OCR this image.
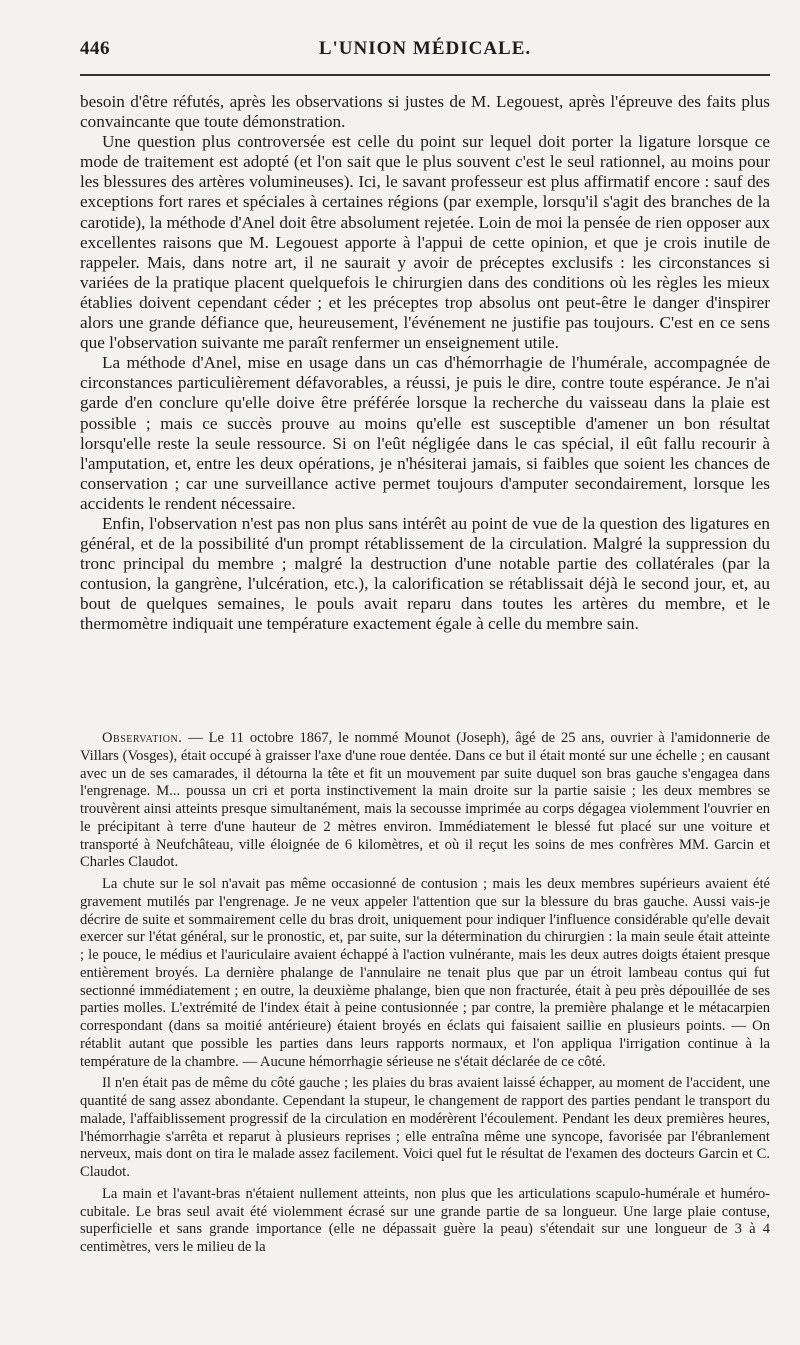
446	L'UNION MÉDICALE.

besoin d'être réfutés, après les observations si justes de M. Legouest, après l'épreuve des faits plus convaincante que toute démonstration.

Une question plus controversée est celle du point sur lequel doit porter la ligature lorsque ce mode de traitement est adopté (et l'on sait que le plus souvent c'est le seul rationnel, au moins pour les blessures des artères volumineuses). Ici, le savant professeur est plus affirmatif encore : sauf des exceptions fort rares et spéciales à certaines régions (par exemple, lorsqu'il s'agit des branches de la carotide), la méthode d'Anel doit être absolument rejetée. Loin de moi la pensée de rien opposer aux excellentes raisons que M. Legouest apporte à l'appui de cette opinion, et que je crois inutile de rappeler. Mais, dans notre art, il ne saurait y avoir de préceptes exclusifs : les circonstances si variées de la pratique placent quelquefois le chirurgien dans des conditions où les règles les mieux établies doivent cependant céder ; et les préceptes trop absolus ont peut-être le danger d'inspirer alors une grande défiance que, heureusement, l'événement ne justifie pas toujours. C'est en ce sens que l'observation suivante me paraît renfermer un enseignement utile.

La méthode d'Anel, mise en usage dans un cas d'hémorrhagie de l'humérale, accompagnée de circonstances particulièrement défavorables, a réussi, je puis le dire, contre toute espérance. Je n'ai garde d'en conclure qu'elle doive être préférée lorsque la recherche du vaisseau dans la plaie est possible ; mais ce succès prouve au moins qu'elle est susceptible d'amener un bon résultat lorsqu'elle reste la seule ressource. Si on l'eût négligée dans le cas spécial, il eût fallu recourir à l'amputation, et, entre les deux opérations, je n'hésiterai jamais, si faibles que soient les chances de conservation ; car une surveillance active permet toujours d'amputer secondairement, lorsque les accidents le rendent nécessaire.

Enfin, l'observation n'est pas non plus sans intérêt au point de vue de la question des ligatures en général, et de la possibilité d'un prompt rétablissement de la circulation. Malgré la suppression du tronc principal du membre ; malgré la destruction d'une notable partie des collatérales (par la contusion, la gangrène, l'ulcération, etc.), la calorification se rétablissait déjà le second jour, et, au bout de quelques semaines, le pouls avait reparu dans toutes les artères du membre, et le thermomètre indiquait une température exactement égale à celle du membre sain.

Observation. — Le 11 octobre 1867, le nommé Mounot (Joseph), âgé de 25 ans, ouvrier à l'amidonnerie de Villars (Vosges), était occupé à graisser l'axe d'une roue dentée. Dans ce but il était monté sur une échelle ; en causant avec un de ses camarades, il détourna la tête et fit un mouvement par suite duquel son bras gauche s'engagea dans l'engrenage. M... poussa un cri et porta instinctivement la main droite sur la partie saisie ; les deux membres se trouvèrent ainsi atteints presque simultanément, mais la secousse imprimée au corps dégagea violemment l'ouvrier en le précipitant à terre d'une hauteur de 2 mètres environ. Immédiatement le blessé fut placé sur une voiture et transporté à Neufchâteau, ville éloignée de 6 kilomètres, et où il reçut les soins de mes confrères MM. Garcin et Charles Claudot.

La chute sur le sol n'avait pas même occasionné de contusion ; mais les deux membres supérieurs avaient été gravement mutilés par l'engrenage. Je ne veux appeler l'attention que sur la blessure du bras gauche. Aussi vais-je décrire de suite et sommairement celle du bras droit, uniquement pour indiquer l'influence considérable qu'elle devait exercer sur l'état général, sur le pronostic, et, par suite, sur la détermination du chirurgien : la main seule était atteinte ; le pouce, le médius et l'auriculaire avaient échappé à l'action vulnérante, mais les deux autres doigts étaient presque entièrement broyés. La dernière phalange de l'annulaire ne tenait plus que par un étroit lambeau contus qui fut sectionné immédiatement ; en outre, la deuxième phalange, bien que non fracturée, était à peu près dépouillée de ses parties molles. L'extrémité de l'index était à peine contusionnée ; par contre, la première phalange et le métacarpien correspondant (dans sa moitié antérieure) étaient broyés en éclats qui faisaient saillie en plusieurs points. — On rétablit autant que possible les parties dans leurs rapports normaux, et l'on appliqua l'irrigation continue à la température de la chambre. — Aucune hémorrhagie sérieuse ne s'était déclarée de ce côté.

Il n'en était pas de même du côté gauche ; les plaies du bras avaient laissé échapper, au moment de l'accident, une quantité de sang assez abondante. Cependant la stupeur, le changement de rapport des parties pendant le transport du malade, l'affaiblissement progressif de la circulation en modérèrent l'écoulement. Pendant les deux premières heures, l'hémorrhagie s'arrêta et reparut à plusieurs reprises ; elle entraîna même une syncope, favorisée par l'ébranlement nerveux, mais dont on tira le malade assez facilement. Voici quel fut le résultat de l'examen des docteurs Garcin et C. Claudot.

La main et l'avant-bras n'étaient nullement atteints, non plus que les articulations scapulo-humérale et huméro-cubitale. Le bras seul avait été violemment écrasé sur une grande partie de sa longueur. Une large plaie contuse, superficielle et sans grande importance (elle ne dépassait guère la peau) s'étendait sur une longueur de 3 à 4 centimètres, vers le milieu de la
